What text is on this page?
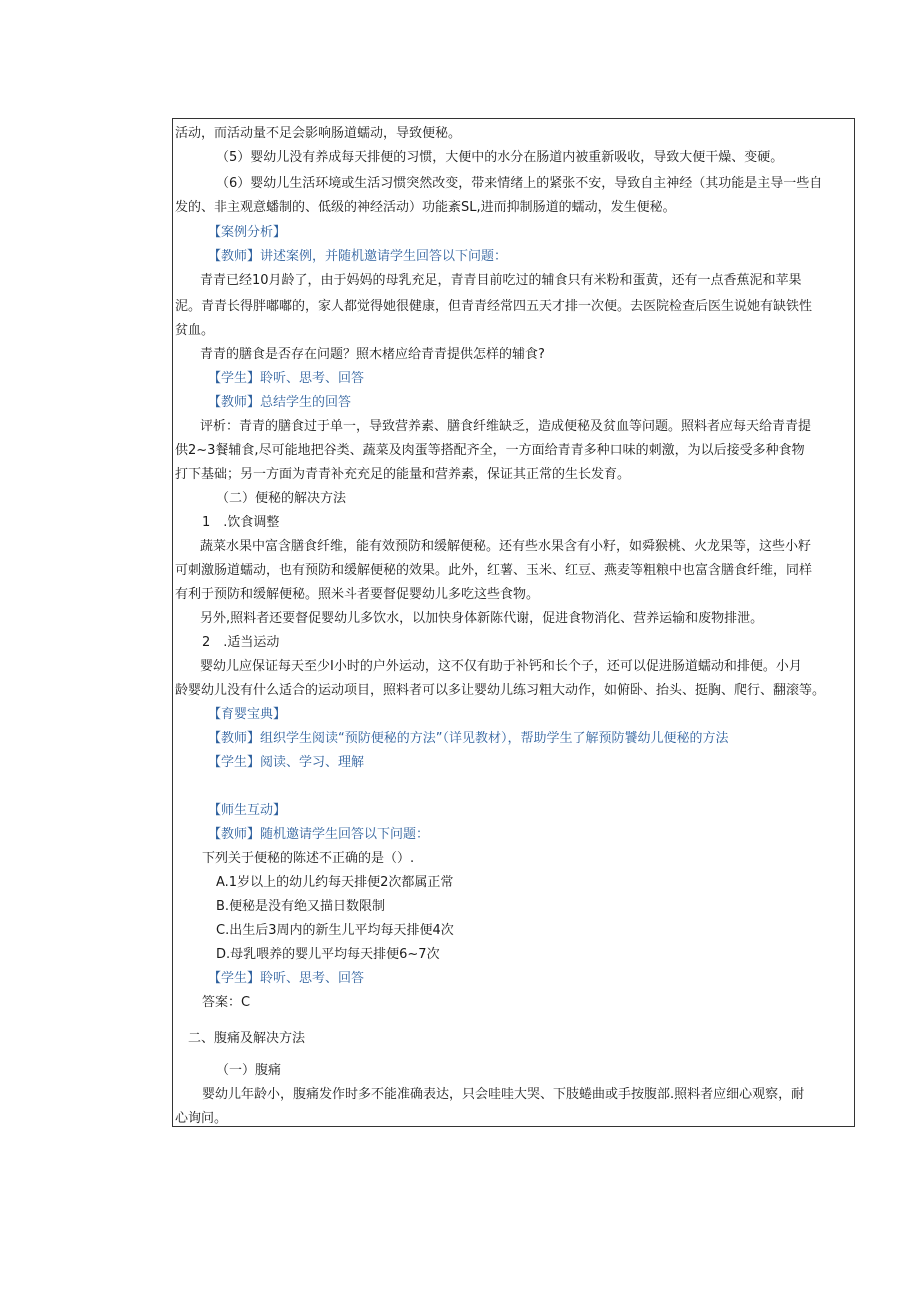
活动，而活动量不足会影响肠道蠕动，导致便秘。
（5）婴幼儿没有养成每天排便的习惯，大便中的水分在肠道内被重新吸收，导致大便干燥、变硬。
（6）婴幼儿生活环境或生活习惯突然改变，带来情绪上的紧张不安，导致自主神经（其功能是主导一些自
发的、非主观意蟠制的、低级的神经活动）功能紊SL,进而抑制肠道的蠕动，发生便秘。
【案例分析】
【教师】讲述案例，并随机邀请学生回答以下问题：
青青已经10月龄了，由于妈妈的母乳充足，青青目前吃过的辅食只有米粉和蛋黄，还有一点香蕉泥和苹果
泥。青青长得胖嘟嘟的，家人都觉得她很健康，但青青经常四五天才排一次便。去医院检查后医生说她有缺铁性
贫血。
青青的膳食是否存在问题？照木楮应给青青提供怎样的辅食?
【学生】聆听、思考、回答
【教师】总结学生的回答
评析：青青的膳食过于单一，导致营养素、膳食纤维缺乏，造成便秘及贫血等问题。照料者应每天给青青提
供2~3餐辅食,尽可能地把谷类、蔬菜及肉蛋等搭配齐全，一方面给青青多种口味的刺激，为以后接受多种食物
打下基础；另一方面为青青补充充足的能量和营养素，保证其正常的生长发育。
（二）便秘的解决方法
1　.饮食调整
蔬菜水果中富含膳食纤维，能有效预防和缓解便秘。还有些水果含有小籽，如舜猴桃、火龙果等，这些小籽
可刺激肠道蠕动，也有预防和缓解便秘的效果。此外，红薯、玉米、红豆、燕麦等粗粮中也富含膳食纤维，同样
有利于预防和缓解便秘。照米斗者要督促婴幼儿多吃这些食物。
另外,照料者还要督促婴幼儿多饮水，以加快身体新陈代谢，促进食物消化、营养运输和废物排泄。
2　.适当运动
婴幼儿应保证每天至少I小时的户外运动，这不仅有助于补钙和长个子，还可以促进肠道蠕动和排便。小月
龄婴幼儿没有什么适合的运动项目，照料者可以多让婴幼儿练习粗大动作，如俯卧、抬头、挺胸、爬行、翻滚等。
【育婴宝典】
【教师】组织学生阅读“预防便秘的方法”（详见教材），帮助学生了解预防饕幼儿便秘的方法
【学生】阅读、学习、理解
【师生互动】
【教师】随机邀请学生回答以下问题：
下列关于便秘的陈述不正确的是（）.
A.1岁以上的幼儿约每天排便2次都属正常
B.便秘是没有绝又描日数限制
C.出生后3周内的新生儿平均每天排便4次
D.母乳喂养的婴儿平均每天排便6~7次
【学生】聆听、思考、回答
答案：C
二、腹痛及解决方法
（一）腹痛
婴幼儿年龄小，腹痛发作时多不能准确表达，只会哇哇大哭、下肢蜷曲或手按腹部.照料者应细心观察，耐
心询问。
